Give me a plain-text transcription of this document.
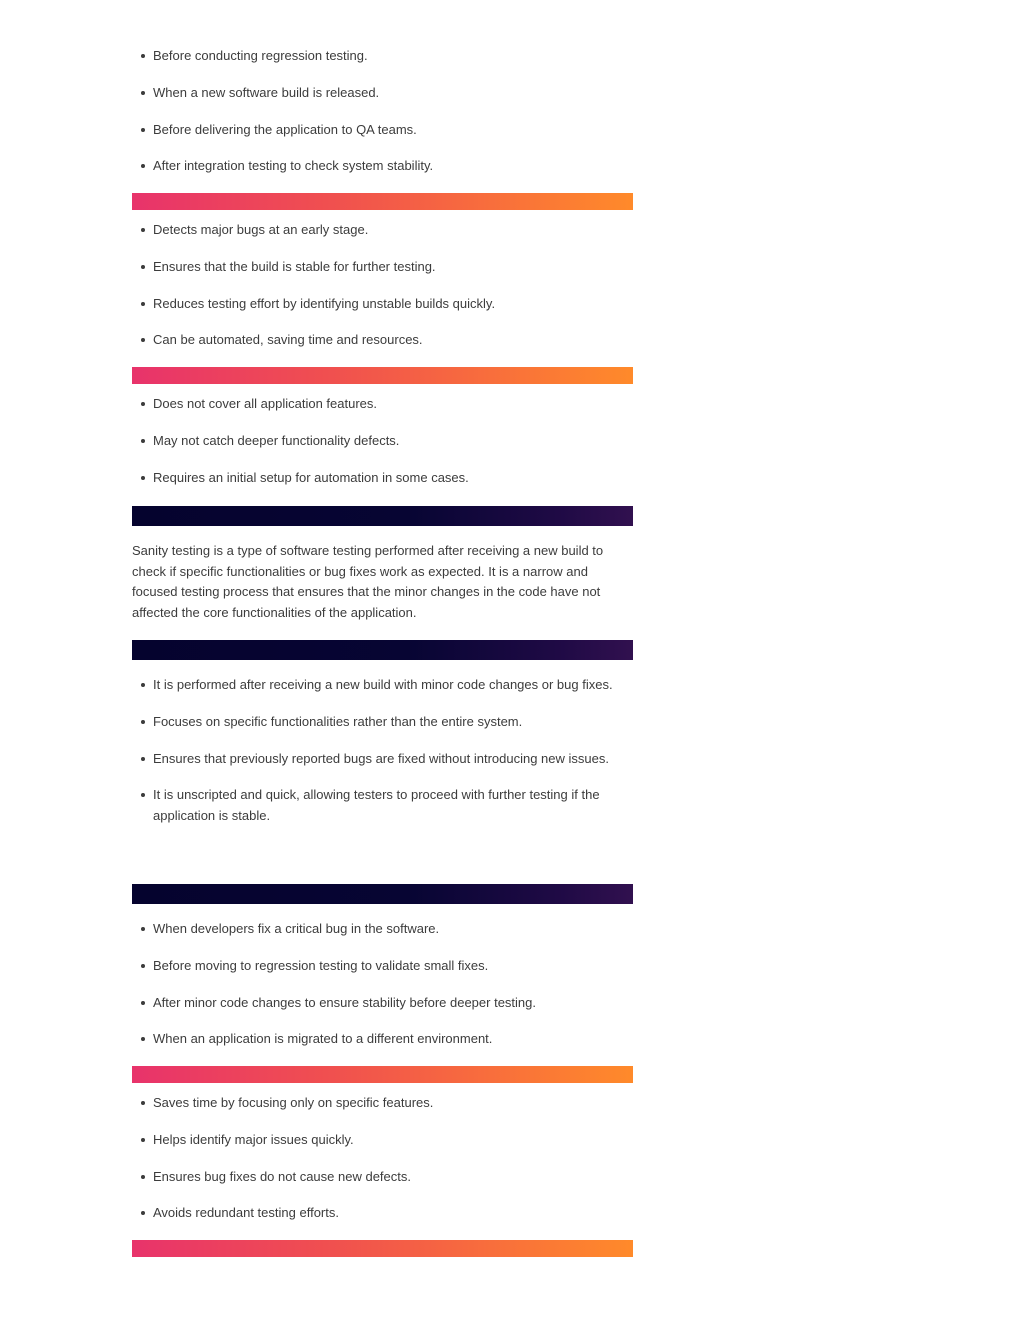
Before conducting regression testing.
When a new software build is released.
Before delivering the application to QA teams.
After integration testing to check system stability.
Detects major bugs at an early stage.
Ensures that the build is stable for further testing.
Reduces testing effort by identifying unstable builds quickly.
Can be automated, saving time and resources.
Does not cover all application features.
May not catch deeper functionality defects.
Requires an initial setup for automation in some cases.

Sanity testing is a type of software testing performed after receiving a new build to check if specific functionalities or bug fixes work as expected. It is a narrow and focused testing process that ensures that the minor changes in the code have not affected the core functionalities of the application.

It is performed after receiving a new build with minor code changes or bug fixes.
Focuses on specific functionalities rather than the entire system.
Ensures that previously reported bugs are fixed without introducing new issues.
It is unscripted and quick, allowing testers to proceed with further testing if the application is stable.
When developers fix a critical bug in the software.
Before moving to regression testing to validate small fixes.
After minor code changes to ensure stability before deeper testing.
When an application is migrated to a different environment.
Saves time by focusing only on specific features.
Helps identify major issues quickly.
Ensures bug fixes do not cause new defects.
Avoids redundant testing efforts.
